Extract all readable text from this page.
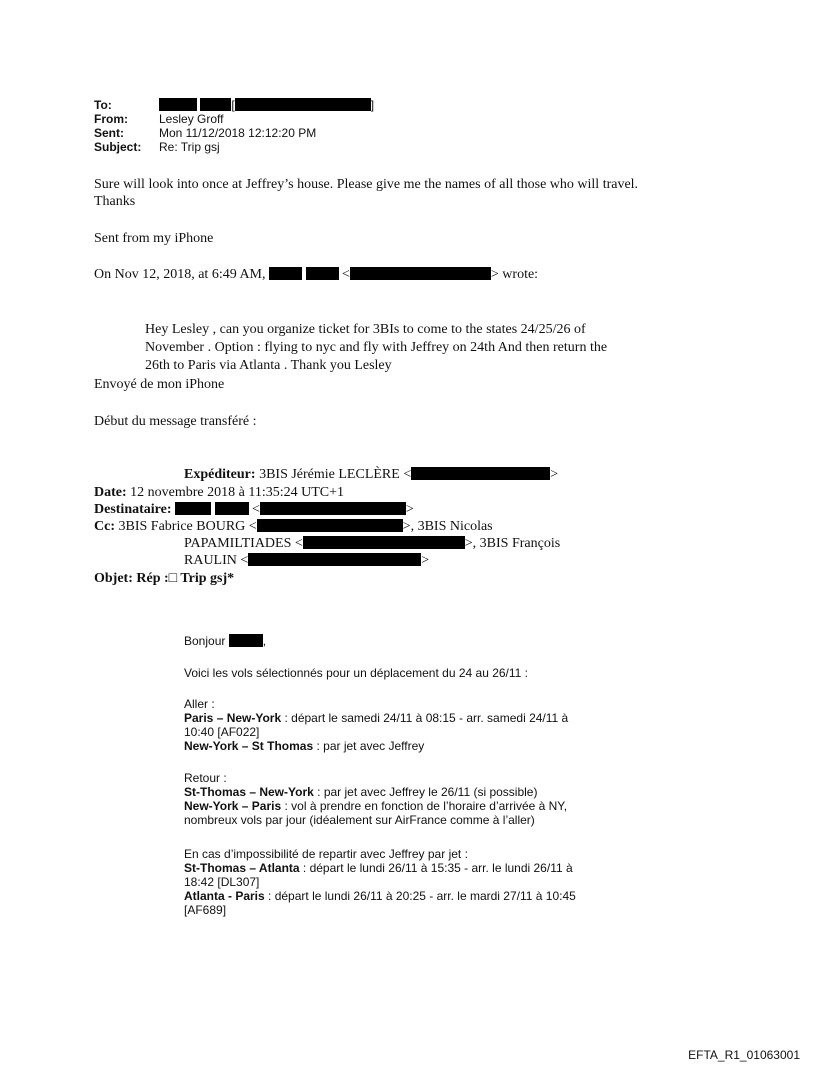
To:	[	]
From:	Lesley Groff
Sent:	Mon 11/12/2018 12:12:20 PM
Subject: Re: Trip gsj
Sure will look into once at Jeffrey’s house. Please give me the names of all those who will travel.
Thanks
Sent from my iPhone
On Nov 12, 2018, at 6:49 AM,	<	> wrote:
Hey Lesley , can you organize ticket for 3BIs to come to the states 24/25/26 of
November . Option : flying to nyc and fly with Jeffrey on 24th And then return the
26th to Paris via Atlanta . Thank you Lesley
Envoyé de mon iPhone
Début du message transféré :
Expéditeur: 3BIS Jérémie LECLÈRE <	>
Date: 12 novembre 2018 à 11:35:24 UTC+1
Destinataire:	<	>
Cc: 3BIS Fabrice BOURG <	>, 3BIS Nicolas
PAPAMILTIADES <	>, 3BIS François
RAULIN <	>
Objet: Rép :□ Trip gsj*
Bonjour	,
Voici les vols sélectionnés pour un déplacement du 24 au 26/11 :
Aller :
Paris – New-York : départ le samedi 24/11 à 08:15 - arr. samedi 24/11 à
10:40 [AF022]
New-York – St Thomas : par jet avec Jeffrey
Retour :
St-Thomas – New-York : par jet avec Jeffrey le 26/11 (si possible)
New-York – Paris : vol à prendre en fonction de l’horaire d’arrivée à NY,
nombreux vols par jour (idéalement sur AirFrance comme à l’aller)
En cas d’impossibilité de repartir avec Jeffrey par jet :
St-Thomas – Atlanta : départ le lundi 26/11 à 15:35 - arr. le lundi 26/11 à
18:42 [DL307]
Atlanta - Paris : départ le lundi 26/11 à 20:25 - arr. le mardi 27/11 à 10:45
[AF689]
EFTA_R1_01063001
